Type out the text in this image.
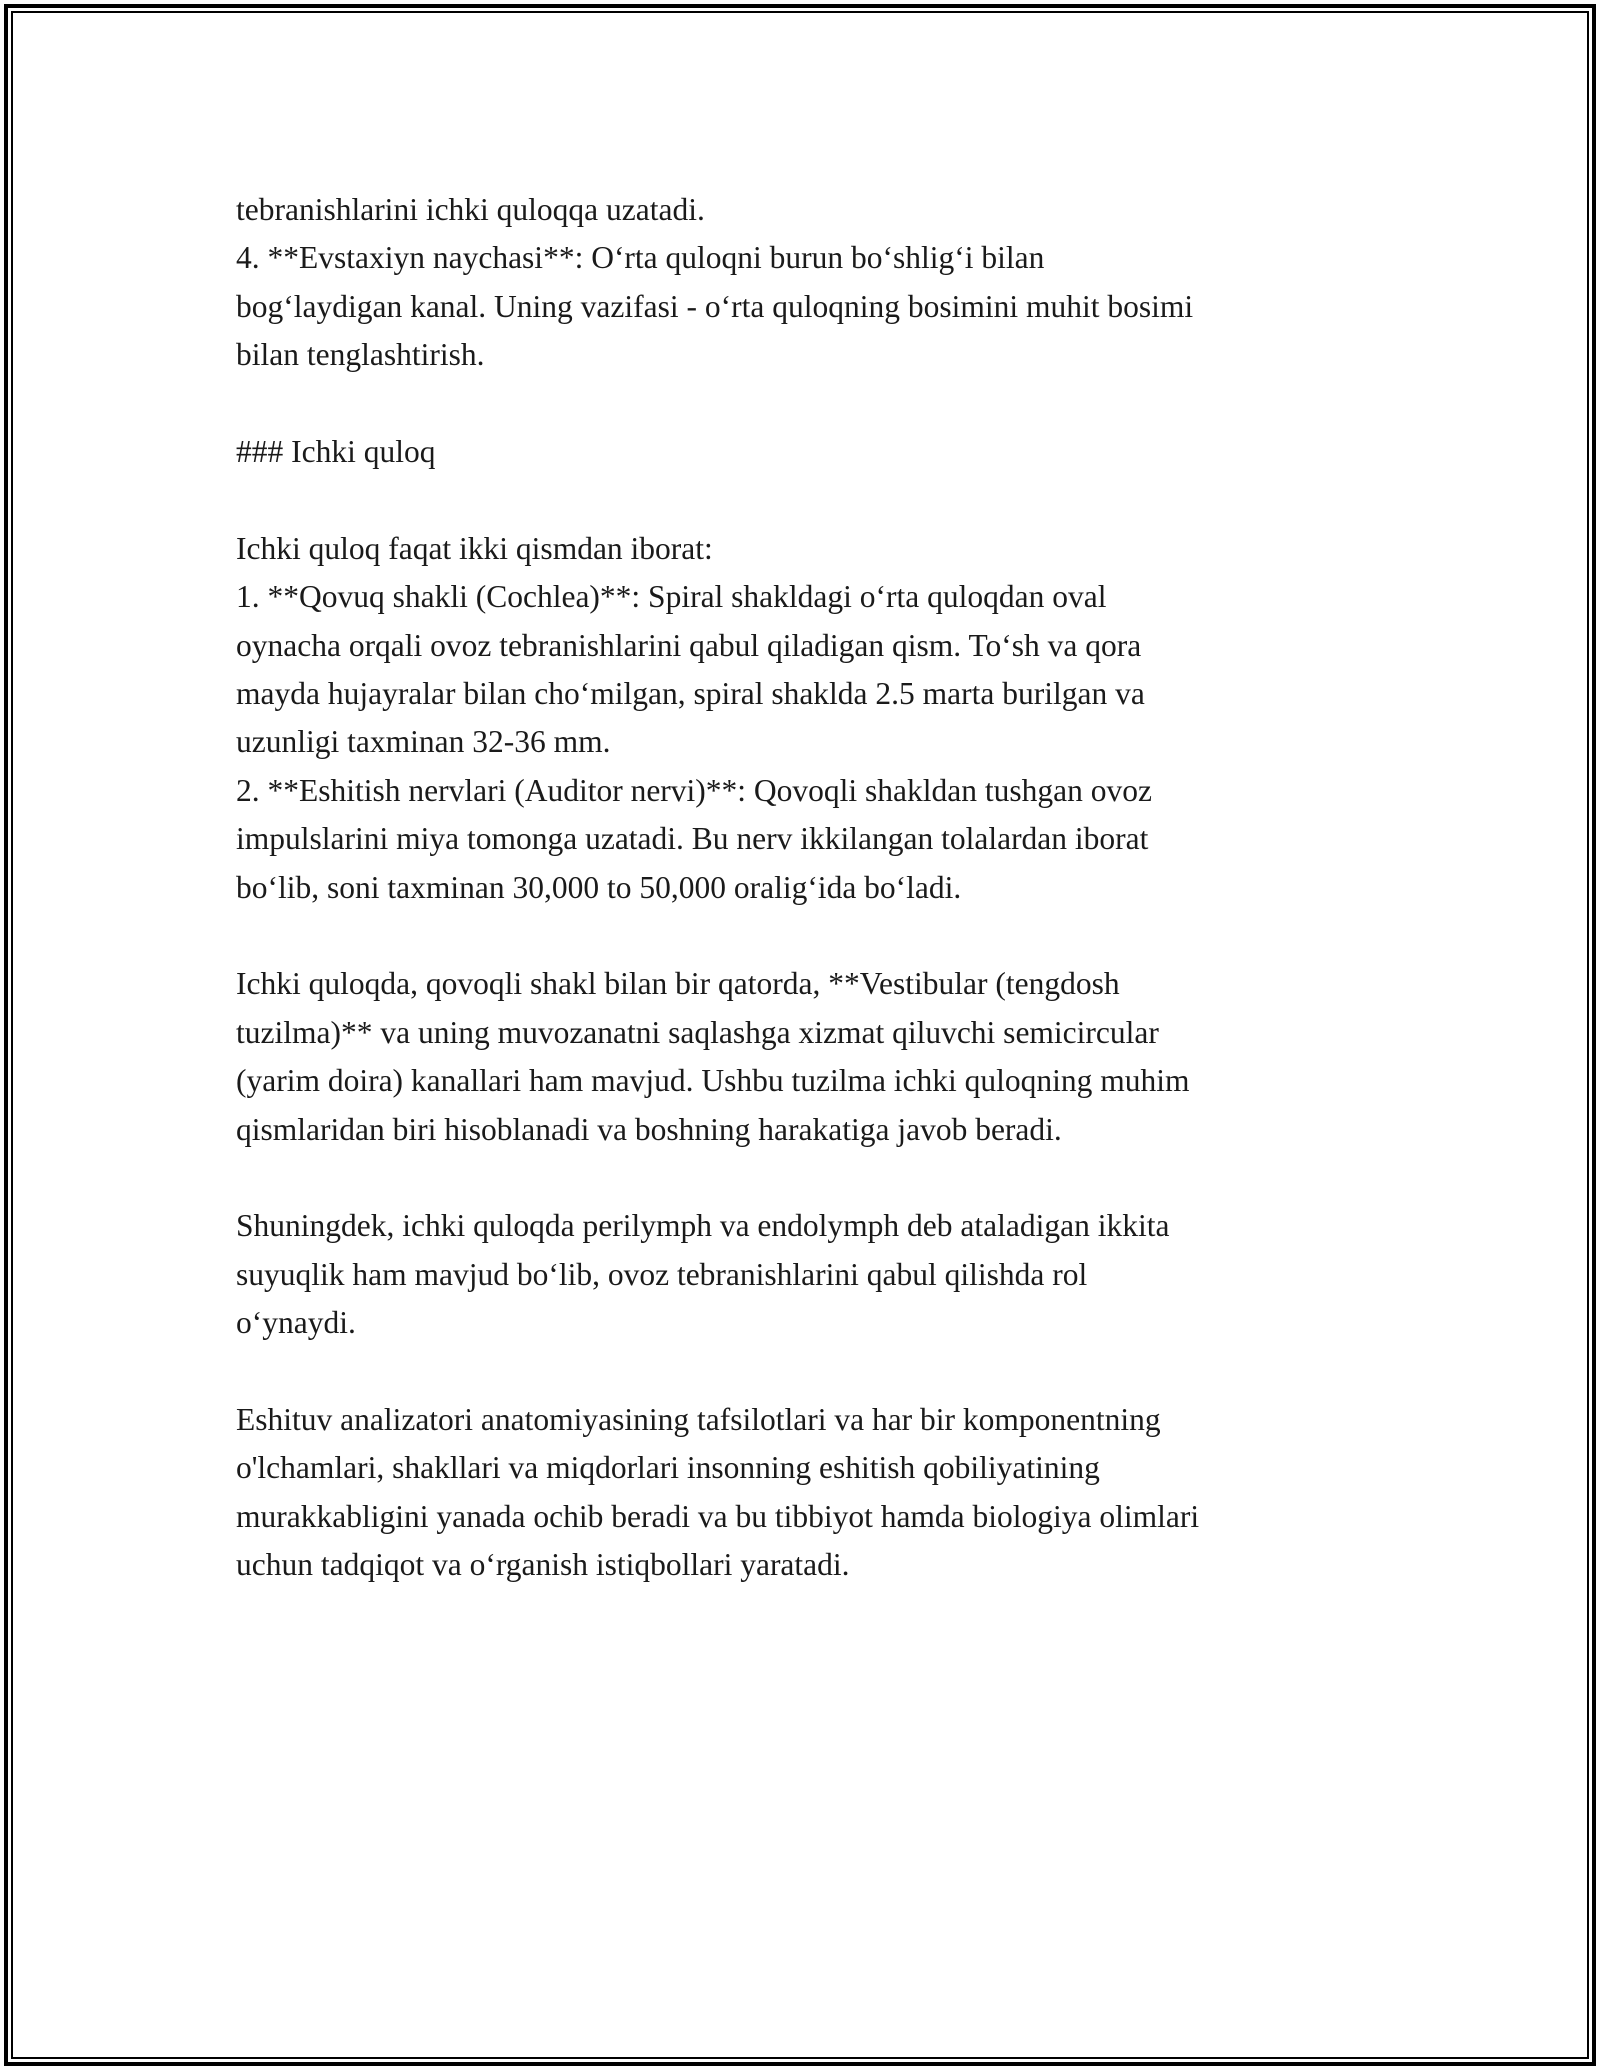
tebranishlarini ichki quloqqa uzatadi.
4. **Evstaxiyn naychasi**: O‘rta quloqni burun bo‘shlig‘i bilan
bog‘laydigan kanal. Uning vazifasi - o‘rta quloqning bosimini muhit bosimi
bilan tenglashtirish.

### Ichki quloq

Ichki quloq faqat ikki qismdan iborat:
1. **Qovuq shakli (Cochlea)**: Spiral shakldagi o‘rta quloqdan oval
oynacha orqali ovoz tebranishlarini qabul qiladigan qism. To‘sh va qora
mayda hujayralar bilan cho‘milgan, spiral shaklda 2.5 marta burilgan va
uzunligi taxminan 32-36 mm.
2. **Eshitish nervlari (Auditor nervi)**: Qovoqli shakldan tushgan ovoz
impulslarini miya tomonga uzatadi. Bu nerv ikkilangan tolalardan iborat
bo‘lib, soni taxminan 30,000 to 50,000 oralig‘ida bo‘ladi.

Ichki quloqda, qovoqli shakl bilan bir qatorda, **Vestibular (tengdosh
tuzilma)** va uning muvozanatni saqlashga xizmat qiluvchi semicircular
(yarim doira) kanallari ham mavjud. Ushbu tuzilma ichki quloqning muhim
qismlaridan biri hisoblanadi va boshning harakatiga javob beradi.

Shuningdek, ichki quloqda perilymph va endolymph deb ataladigan ikkita
suyuqlik ham mavjud bo‘lib, ovoz tebranishlarini qabul qilishda rol
o‘ynaydi.

Eshituv analizatori anatomiyasining tafsilotlari va har bir komponentning
o'lchamlari, shakllari va miqdorlari insonning eshitish qobiliyatining
murakkabligini yanada ochib beradi va bu tibbiyot hamda biologiya olimlari
uchun tadqiqot va o‘rganish istiqbollari yaratadi.
